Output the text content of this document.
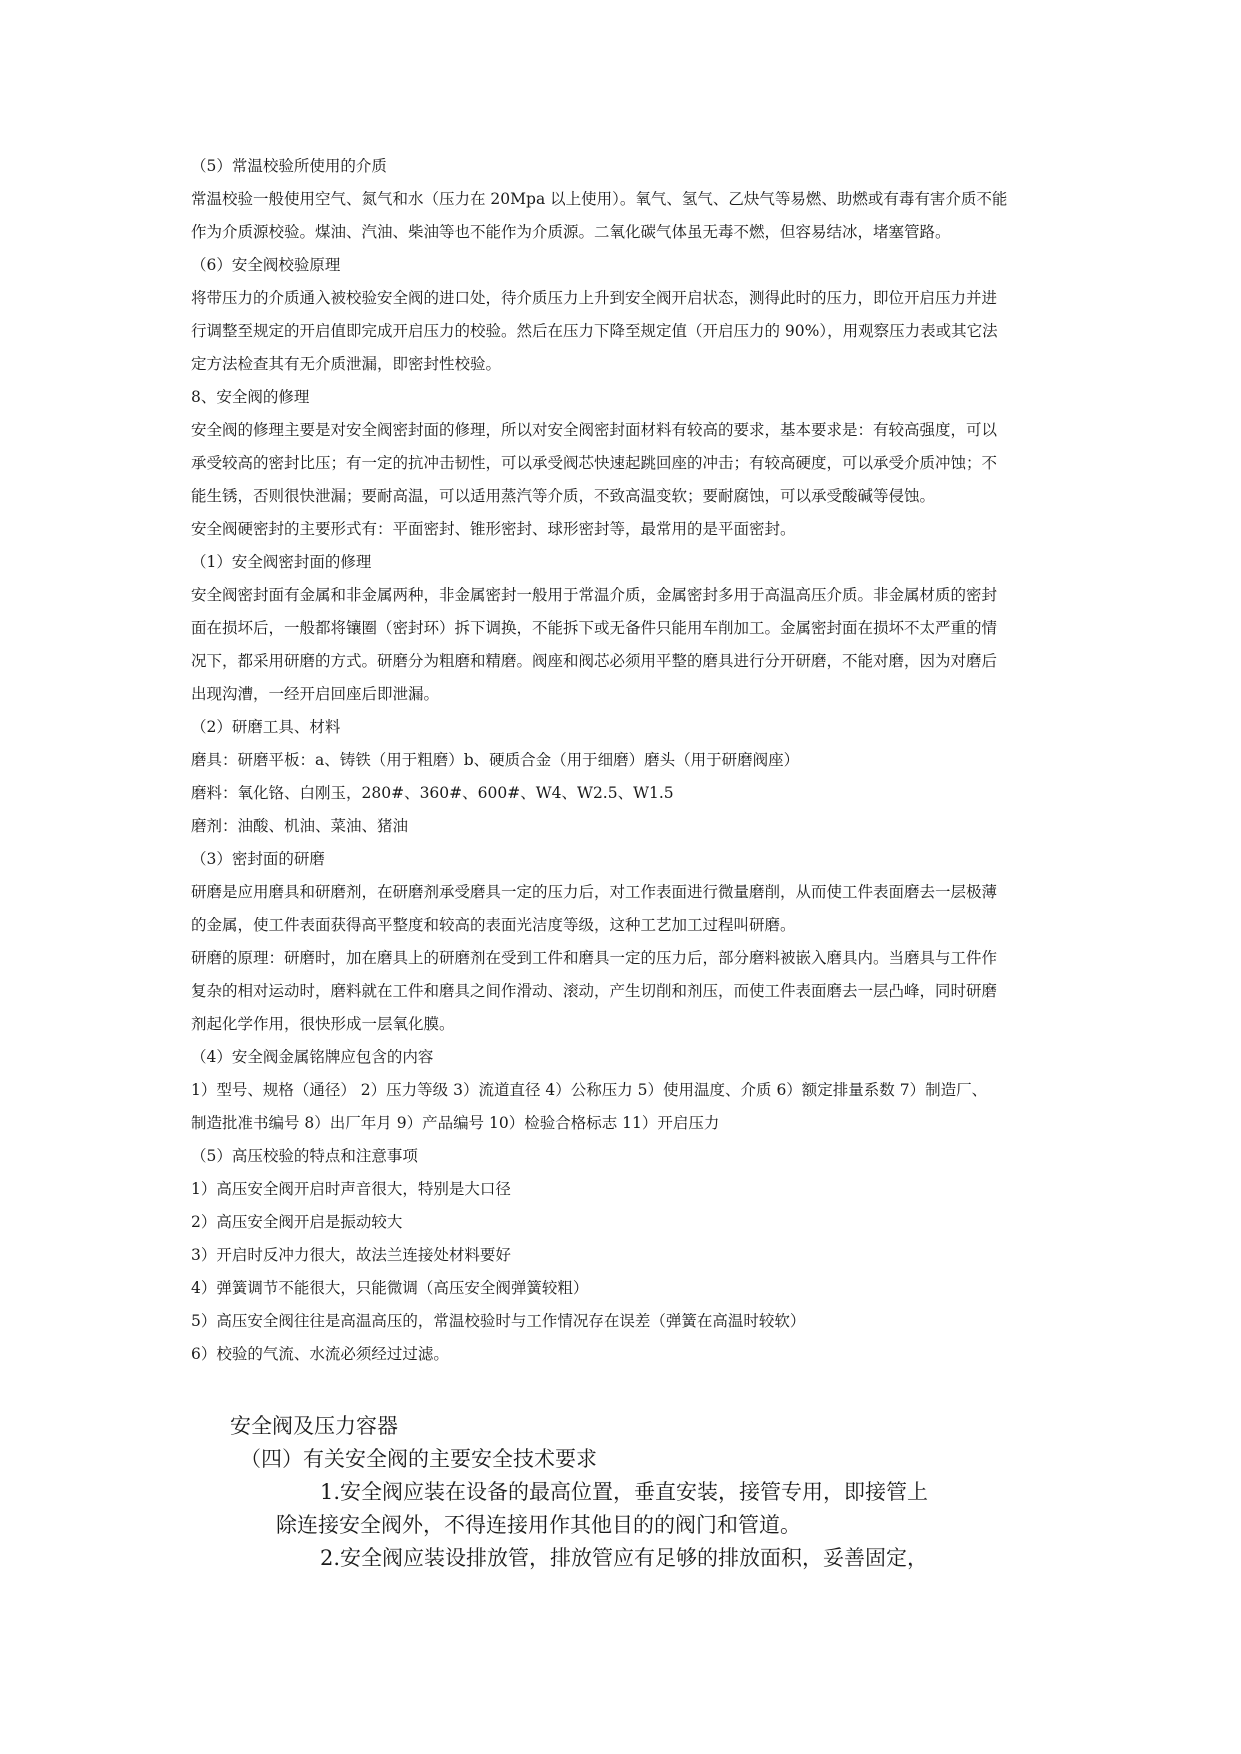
（5）常温校验所使用的介质

常温校验一般使用空气、氮气和水（压力在 20Mpa 以上使用）。氧气、氢气、乙炔气等易燃、助燃或有毒有害介质不能

作为介质源校验。煤油、汽油、柴油等也不能作为介质源。二氧化碳气体虽无毒不燃，但容易结冰，堵塞管路。

（6）安全阀校验原理

将带压力的介质通入被校验安全阀的进口处，待介质压力上升到安全阀开启状态，测得此时的压力，即位开启压力并进

行调整至规定的开启值即完成开启压力的校验。然后在压力下降至规定值（开启压力的 90%），用观察压力表或其它法

定方法检查其有无介质泄漏，即密封性校验。

8、安全阀的修理

安全阀的修理主要是对安全阀密封面的修理，所以对安全阀密封面材料有较高的要求，基本要求是：有较高强度，可以

承受较高的密封比压；有一定的抗冲击韧性，可以承受阀芯快速起跳回座的冲击；有较高硬度，可以承受介质冲蚀；不

能生锈，否则很快泄漏；要耐高温，可以适用蒸汽等介质，不致高温变软；要耐腐蚀，可以承受酸碱等侵蚀。

安全阀硬密封的主要形式有：平面密封、锥形密封、球形密封等，最常用的是平面密封。

（1）安全阀密封面的修理

安全阀密封面有金属和非金属两种，非金属密封一般用于常温介质，金属密封多用于高温高压介质。非金属材质的密封

面在损坏后，一般都将镶圈（密封环）拆下调换，不能拆下或无备件只能用车削加工。金属密封面在损坏不太严重的情

况下，都采用研磨的方式。研磨分为粗磨和精磨。阀座和阀芯必须用平整的磨具进行分开研磨，不能对磨，因为对磨后

出现沟漕，一经开启回座后即泄漏。

（2）研磨工具、材料

磨具：研磨平板：a、铸铁（用于粗磨）b、硬质合金（用于细磨）磨头（用于研磨阀座）

磨料：氧化铬、白刚玉，280#、360#、600#、W4、W2.5、W1.5

磨剂：油酸、机油、菜油、猪油

（3）密封面的研磨

研磨是应用磨具和研磨剂，在研磨剂承受磨具一定的压力后，对工作表面进行微量磨削，从而使工件表面磨去一层极薄

的金属，使工件表面获得高平整度和较高的表面光洁度等级，这种工艺加工过程叫研磨。

研磨的原理：研磨时，加在磨具上的研磨剂在受到工件和磨具一定的压力后，部分磨料被嵌入磨具内。当磨具与工件作

复杂的相对运动时，磨料就在工件和磨具之间作滑动、滚动，产生切削和剂压，而使工件表面磨去一层凸峰，同时研磨

剂起化学作用，很快形成一层氧化膜。

（4）安全阀金属铭牌应包含的内容

1）型号、规格（通径） 2）压力等级 3）流道直径 4）公称压力 5）使用温度、介质 6）额定排量系数 7）制造厂、

制造批准书编号 8）出厂年月 9）产品编号 10）检验合格标志 11）开启压力

（5）高压校验的特点和注意事项

1）高压安全阀开启时声音很大，特别是大口径

2）高压安全阀开启是振动较大

3）开启时反冲力很大，故法兰连接处材料要好

4）弹簧调节不能很大，只能微调（高压安全阀弹簧较粗）

5）高压安全阀往往是高温高压的，常温校验时与工作情况存在误差（弹簧在高温时较软）

6）校验的气流、水流必须经过过滤。

安全阀及压力容器

（四）有关安全阀的主要安全技术要求

1.安全阀应装在设备的最高位置，垂直安装，接管专用，即接管上

除连接安全阀外，不得连接用作其他目的的阀门和管道。

2.安全阀应装设排放管，排放管应有足够的排放面积，妥善固定，
